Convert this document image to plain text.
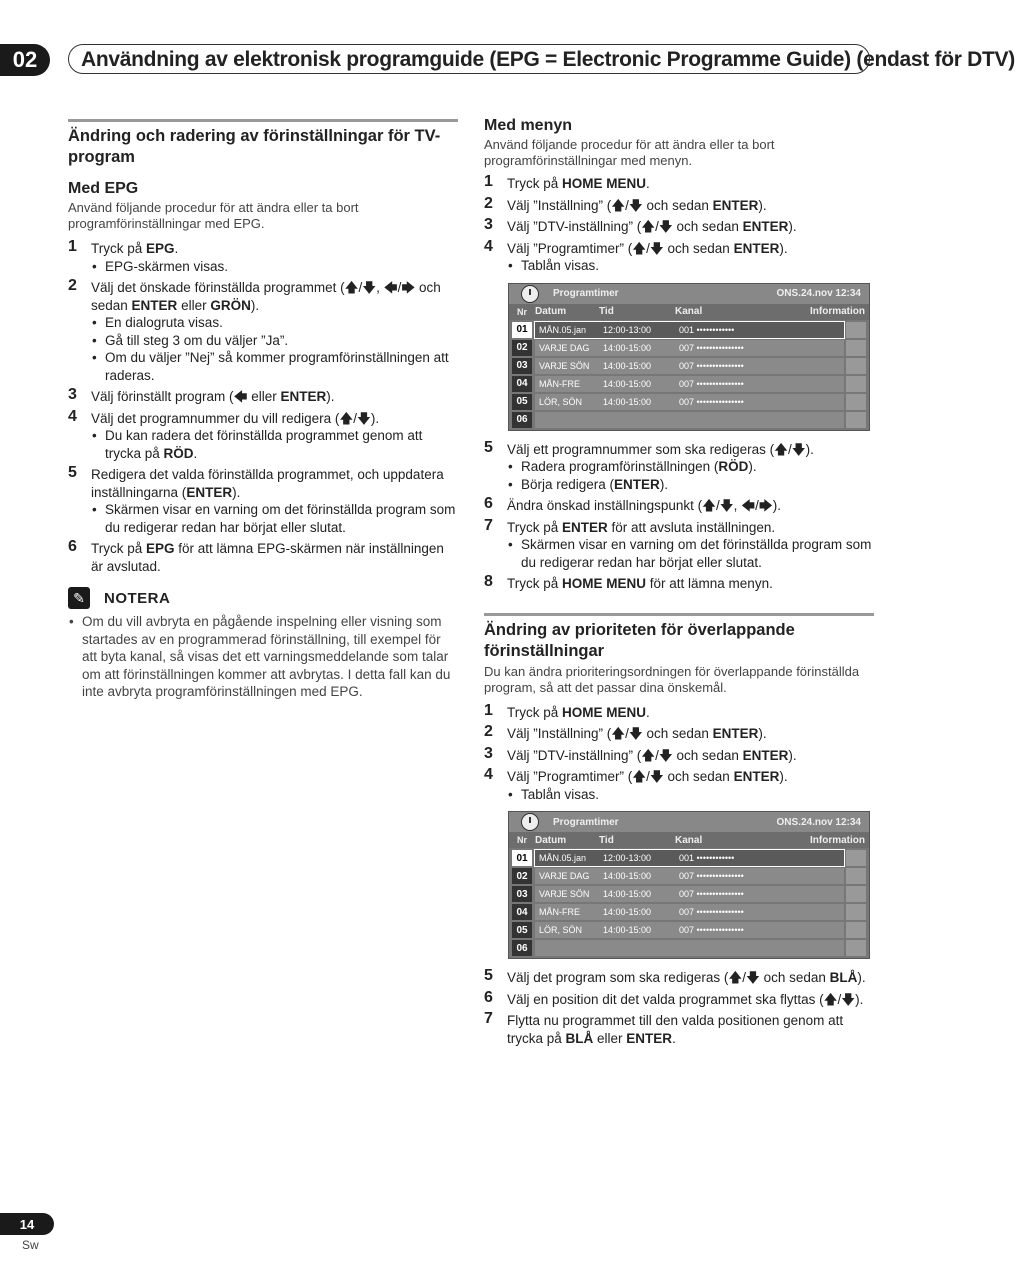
02	Användning av elektronisk programguide (EPG = Electronic Programme Guide) (endast för DTV)
Ändring och radering av förinställningar för TV-program
Med EPG

Använd följande procedur för att ändra eller ta bort programförinställningar med EPG.

1 Tryck på EPG.
• EPG-skärmen visas.
2 Välj det önskade förinställda programmet (🡅/🡇, 🡄/🡆 och sedan ENTER eller GRÖN).
• En dialogruta visas.
• Gå till steg 3 om du väljer ”Ja”.
• Om du väljer ”Nej” så kommer programförinställningen att raderas.
3 Välj förinställt program (🡄 eller ENTER).
4 Välj det programnummer du vill redigera (🡅/🡇).
• Du kan radera det förinställda programmet genom att trycka på RÖD.
5 Redigera det valda förinställda programmet, och uppdatera inställningarna (ENTER).
• Skärmen visar en varning om det förinställda program som du redigerar redan har börjat eller slutat.
6 Tryck på EPG för att lämna EPG-skärmen när inställningen är avslutad.
✎	NOTERA
• Om du vill avbryta en pågående inspelning eller visning som startades av en programmerad förinställning, till exempel för att byta kanal, så visas det ett varningsmeddelande som talar om att förinställningen kommer att avbrytas. I detta fall kan du inte avbryta programförinställningen med EPG.
Med menyn

Använd följande procedur för att ändra eller ta bort programförinställningar med menyn.

1 Tryck på HOME MENU.
2 Välj ”Inställning” (🡅/🡇 och sedan ENTER).
3 Välj ”DTV-inställning” (🡅/🡇 och sedan ENTER).
4 Välj ”Programtimer” (🡅/🡇 och sedan ENTER).
• Tablån visas.
Programtimer	ONS.24.nov 12:34
Nr Datum	Tid	Kanal	Information
01	MÅN.05.jan	12:00-13:00	001 ••••••••••••
02	VARJE DAG	14:00-15:00	007 •••••••••••••••
03	VARJE SÖN	14:00-15:00	007 •••••••••••••••
04	MÅN-FRE	14:00-15:00	007 •••••••••••••••
05	LÖR, SÖN	14:00-15:00	007 •••••••••••••••
06
5 Välj ett programnummer som ska redigeras (🡅/🡇).
• Radera programförinställningen (RÖD).
• Börja redigera (ENTER).
6 Ändra önskad inställningspunkt (🡅/🡇, 🡄/🡆).
7 Tryck på ENTER för att avsluta inställningen.
• Skärmen visar en varning om det förinställda program som du redigerar redan har börjat eller slutat.
8 Tryck på HOME MENU för att lämna menyn.
Ändring av prioriteten för överlappande förinställningar

Du kan ändra prioriteringsordningen för överlappande förinställda program, så att det passar dina önskemål.

1 Tryck på HOME MENU.
2 Välj ”Inställning” (🡅/🡇 och sedan ENTER).
3 Välj ”DTV-inställning” (🡅/🡇 och sedan ENTER).
4 Välj ”Programtimer” (🡅/🡇 och sedan ENTER).
• Tablån visas.
Programtimer	ONS.24.nov 12:34
Nr Datum	Tid	Kanal	Information
01	MÅN.05.jan	12:00-13:00	001 ••••••••••••
02	VARJE DAG	14:00-15:00	007 •••••••••••••••
03	VARJE SÖN	14:00-15:00	007 •••••••••••••••
04	MÅN-FRE	14:00-15:00	007 •••••••••••••••
05	LÖR, SÖN	14:00-15:00	007 •••••••••••••••
06
5 Välj det program som ska redigeras (🡅/🡇 och sedan BLÅ).
6 Välj en position dit det valda programmet ska flyttas (🡅/🡇).
7 Flytta nu programmet till den valda positionen genom att trycka på BLÅ eller ENTER.
14
Sw
